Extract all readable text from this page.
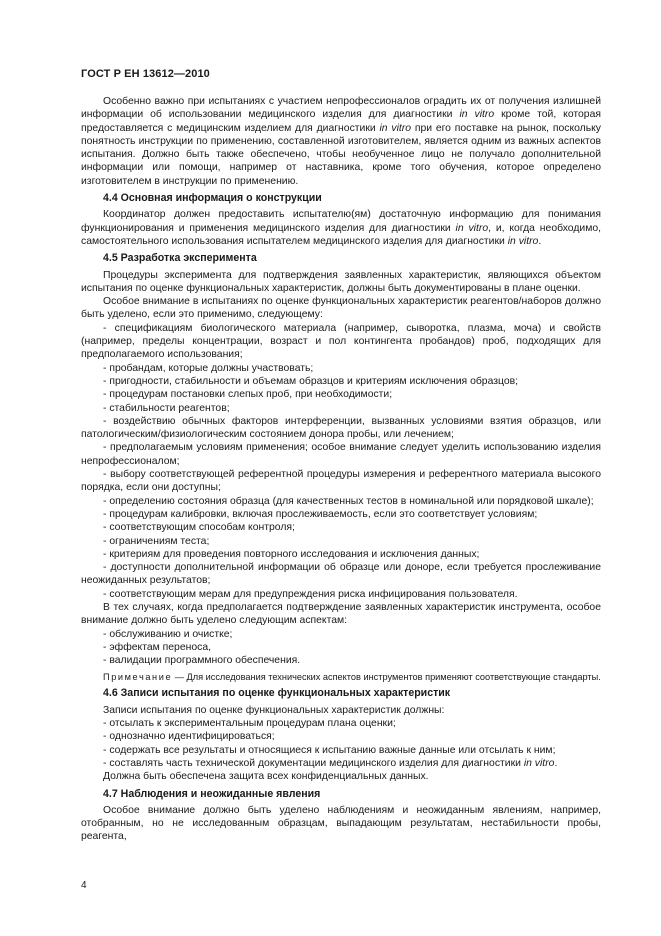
ГОСТ Р ЕН 13612—2010

Особенно важно при испытаниях с участием непрофессионалов оградить их от получения излишней информации об использовании медицинского изделия для диагностики in vitro кроме той, которая предоставляется с медицинским изделием для диагностики in vitro при его поставке на рынок, поскольку понятность инструкции по применению, составленной изготовителем, является одним из важных аспектов испытания. Должно быть также обеспечено, чтобы необученное лицо не получало дополнительной информации или помощи, например от наставника, кроме того обучения, которое определено изготовителем в инструкции по применению.

4.4 Основная информация о конструкции

Координатор должен предоставить испытателю(ям) достаточную информацию для понимания функционирования и применения медицинского изделия для диагностики in vitro, и, когда необходимо, самостоятельного использования испытателем медицинского изделия для диагностики in vitro.

4.5 Разработка эксперимента

Процедуры эксперимента для подтверждения заявленных характеристик, являющихся объектом испытания по оценке функциональных характеристик, должны быть документированы в плане оценки.

Особое внимание в испытаниях по оценке функциональных характеристик реагентов/наборов должно быть уделено, если это применимо, следующему:

- спецификациям биологического материала (например, сыворотка, плазма, моча) и свойств (например, пределы концентрации, возраст и пол контингента пробандов) проб, подходящих для предполагаемого использования;

- пробандам, которые должны участвовать;

- пригодности, стабильности и объемам образцов и критериям исключения образцов;

- процедурам постановки слепых проб, при необходимости;

- стабильности реагентов;

- воздействию обычных факторов интерференции, вызванных условиями взятия образцов, или патологическим/физиологическим состоянием донора пробы, или лечением;

- предполагаемым условиям применения; особое внимание следует уделить использованию изделия непрофессионалом;

- выбору соответствующей референтной процедуры измерения и референтного материала высокого порядка, если они доступны;

- определению состояния образца (для качественных тестов в номинальной или порядковой шкале);

- процедурам калибровки, включая прослеживаемость, если это соответствует условиям;

- соответствующим способам контроля;

- ограничениям теста;

- критериям для проведения повторного исследования и исключения данных;

- доступности дополнительной информации об образце или доноре, если требуется прослеживание неожиданных результатов;

- соответствующим мерам для предупреждения риска инфицирования пользователя.

В тех случаях, когда предполагается подтверждение заявленных характеристик инструмента, особое внимание должно быть уделено следующим аспектам:

- обслуживанию и очистке;

- эффектам переноса,

- валидации программного обеспечения.

Примечание — Для исследования технических аспектов инструментов применяют соответствующие стандарты.

4.6 Записи испытания по оценке функциональных характеристик

Записи испытания по оценке функциональных характеристик должны:

- отсылать к экспериментальным процедурам плана оценки;

- однозначно идентифицироваться;

- содержать все результаты и относящиеся к испытанию важные данные или отсылать к ним;

- составлять часть технической документации медицинского изделия для диагностики in vitro.

Должна быть обеспечена защита всех конфиденциальных данных.

4.7 Наблюдения и неожиданные явления

Особое внимание должно быть уделено наблюдениям и неожиданным явлениям, например, отобранным, но не исследованным образцам, выпадающим результатам, нестабильности пробы, реагента,

4
